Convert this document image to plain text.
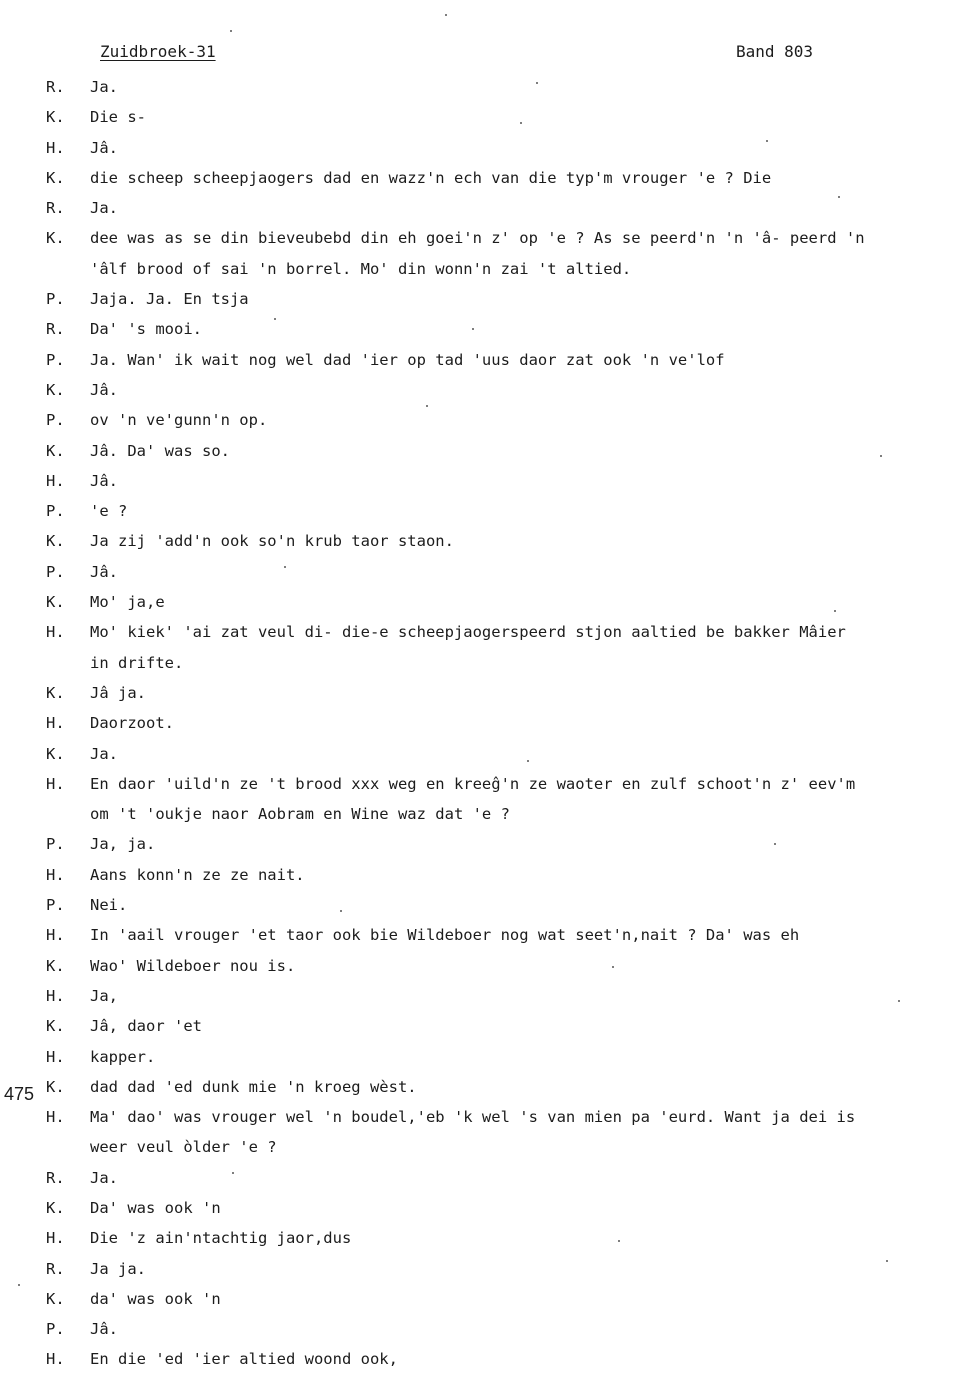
Zuidbroek-31	Band 803
R. Ja.
K. Die s-
H. Jâ.
K. die scheep scheepjaogers dad en wazz'n ech van die typ'm vrouger 'e ? Die
R. Ja.
K. dee was as se din bieveubebd din eh goei'n z' op 'e ? As se peerd'n 'n 'â- peerd 'n
'âlf brood of sai 'n borrel. Mo' din wonn'n zai 't altied.
P. Jaja. Ja. En tsja
R. Da' 's mooi.
P. Ja. Wan' ik wait nog wel dad 'ier op tad 'uus daor zat ook 'n ve'lof
K. Jâ.
P. ov 'n ve'gunn'n op.
K. Jâ. Da' was so.
H. Jâ.
P. 'e ?
K. Ja zij 'add'n ook so'n krub taor staon.
P. Jâ.
K. Mo' ja,e
H. Mo' kiek' 'ai zat veul di- die-e scheepjaogerspeerd stjon aaltied be bakker Mâier
in drifte.
K. Jâ ja.
H. Daorzoot.
K. Ja.
H. En daor 'uild'n ze 't brood xxx weg en kreeĝ'n ze waoter en zulf schoot'n z' eev'm
om 't 'oukje naor Aobram en Wine waz dat 'e ?
P. Ja, ja.
H. Aans konn'n ze ze nait.
P. Nei.
H. In 'aail vrouger 'et taor ook bie Wildeboer nog wat seet'n,nait ? Da' was eh
K. Wao' Wildeboer nou is.
H. Ja,
K. Jâ, daor 'et
H. kapper.
K. dad dad 'ed dunk mie 'n kroeg wèst.
H. Ma' dao' was vrouger wel 'n boudel,'eb 'k wel 's van mien pa 'eurd. Want ja dei is
weer veul òlder 'e ?
R. Ja.
K. Da' was ook 'n
H. Die 'z ain'ntachtig jaor,dus
R. Ja ja.
K. da' was ook 'n
P. Jâ.
H. En die 'ed 'ier altied woond ook,
475
